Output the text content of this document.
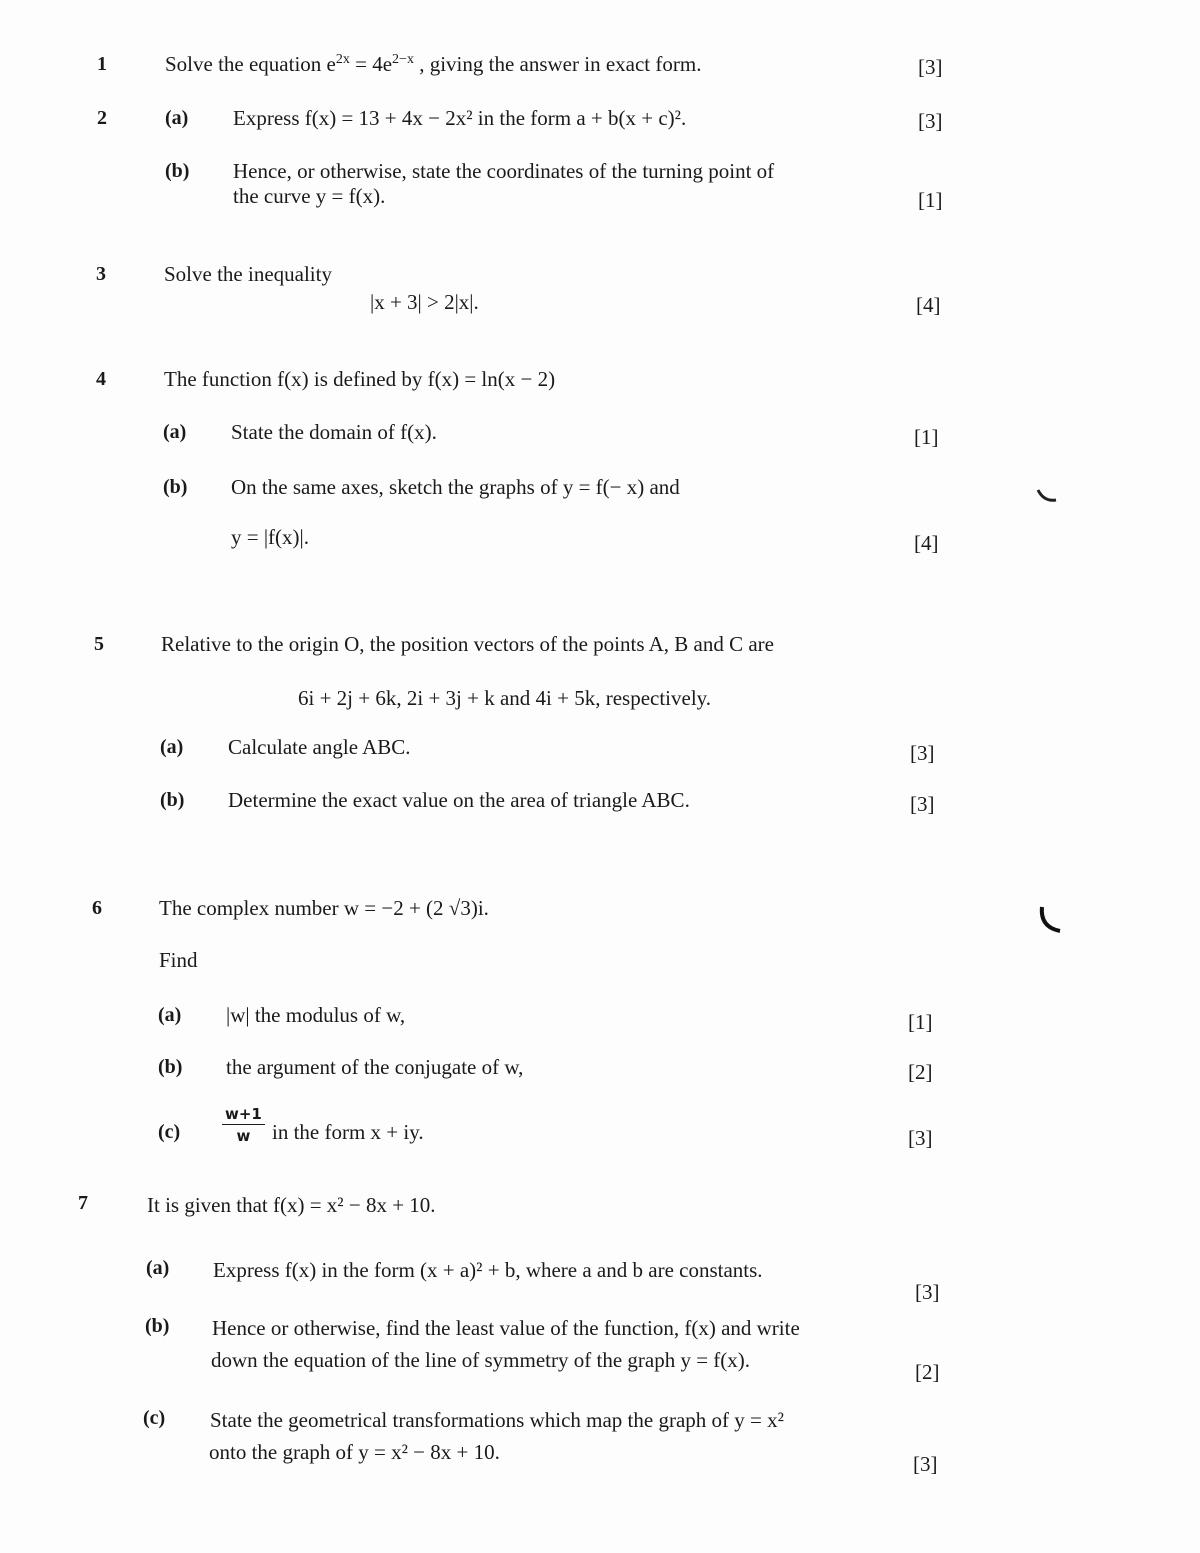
1	Solve the equation $e^{2x} = 4e^{2-x}$ , giving the answer in exact form.	[3]
2	(a) Express f(x) = 13 + 4x − 2x² in the form a + b(x + c)².	[3]
(b) Hence, or otherwise, state the coordinates of the turning point of
the curve y = f(x).	[1]
3	Solve the inequality
|x + 3| > 2|x|.	[4]
4	The function f(x) is defined by f(x) = ln(x − 2)
(a) State the domain of f(x).	[1]
(b) On the same axes, sketch the graphs of y = f(− x) and
y = |f(x)|.	[4]
5	Relative to the origin O, the position vectors of the points A, B and C are
6i + 2j + 6k, 2i + 3j + k and 4i + 5k, respectively.
(a) Calculate angle ABC.	[3]
(b) Determine the exact value on the area of triangle ABC.	[3]
6	The complex number w = −2 + (2 √3)i.
Find
(a) |w| the modulus of w,	[1]
(b) the argument of the conjugate of w,	[2]
(c)	$\frac{w+1}{w}$ in the form x + iy.	[3]
7	It is given that f(x) = x² − 8x + 10.
(a) Express f(x) in the form (x + a)² + b, where a and b are constants.
[3]
(b) Hence or otherwise, find the least value of the function, f(x) and write
down the equation of the line of symmetry of the graph y = f(x).	[2]
(c) State the geometrical transformations which map the graph of y = x²
onto the graph of y = x² − 8x + 10.	[3]
